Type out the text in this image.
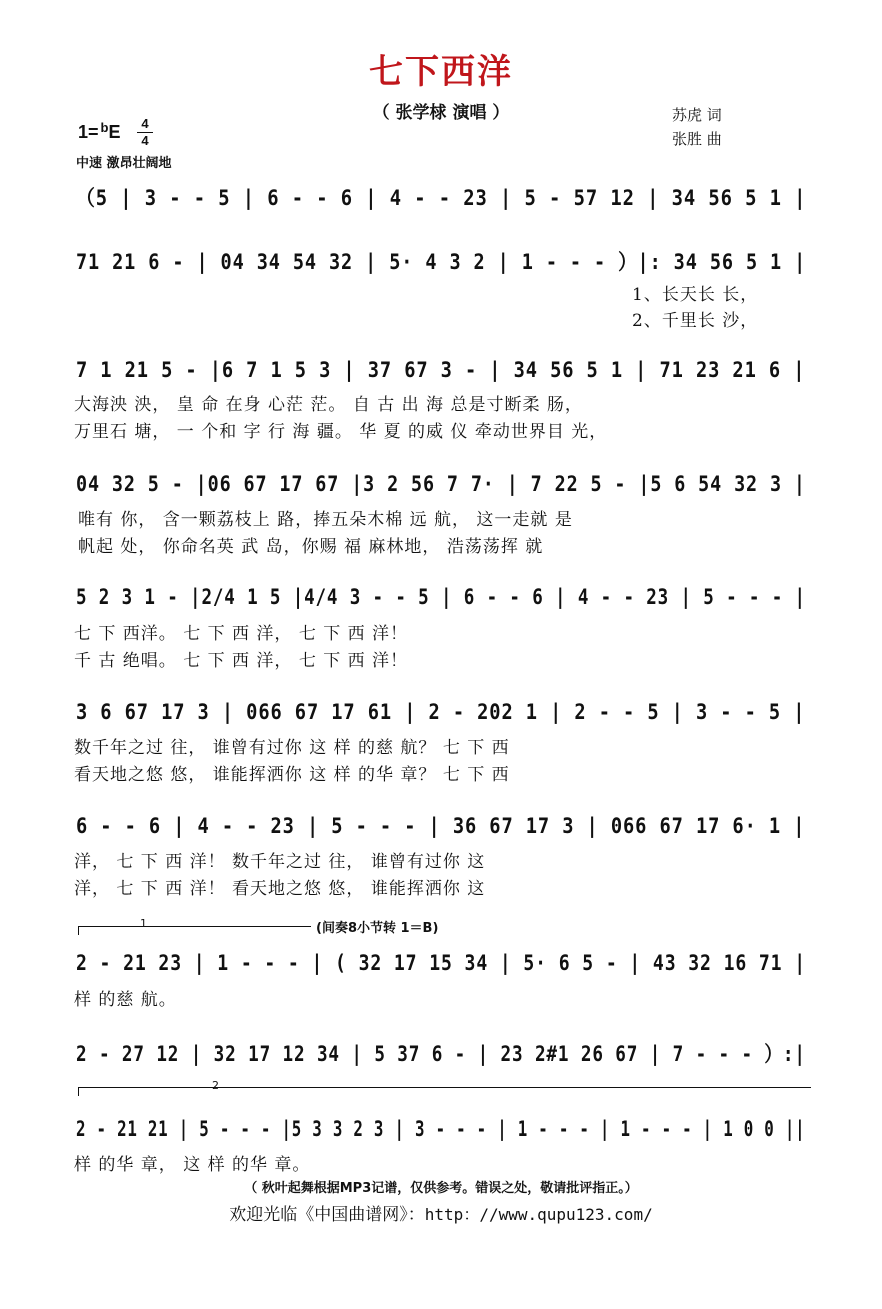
七下西洋
（ 张学梂 演唱 ）
1= $^b$E	4
4
中速 激昂壮阔地
苏虎 词
张胜 曲
（5 | 3 - - 5 | 6 - - 6 | 4 - - 23 | 5 - 57 12 | 34 56 5 1 |
71 21 6 - | 04 34 54 32 | 5· 4 3 2 | 1 - - - ）|: 34 56 5 1 |
1、长天长 长，
2、千里长 沙，
7 1 21 5 - |6 7 1 5 3 | 37 67 3 - | 34 56 5 1 | 71 23 21 6 |
大海泱 泱， 皇 命 在身 心茫 茫。 自 古 出 海 总是寸断柔 肠，
万里石 塘， 一 个和 字 行 海 疆。 华 夏 的威 仪 牵动世界目 光，
04 32 5 - |06 67 17 67 |3 2 56 7 7· | 7 22 5 - |5 6 54 32 3 |
唯有 你， 含一颗荔枝上 路，捧五朵木棉 远 航， 这一走就 是
帆起 处， 你命名英 武 岛，你赐 福 麻林地， 浩荡荡挥 就
5 2 3 1 - |2/4 1 5 |4/4 3 - - 5 | 6 - - 6 | 4 - - 23 | 5 - - - |
七 下 西洋。 七 下 西 洋， 七 下 西 洋！
千 古 绝唱。 七 下 西 洋， 七 下 西 洋！
3 6 67 17 3 | 066 67 17 61 | 2 - 202 1 | 2 - - 5 | 3 - - 5 |
数千年之过 往， 谁曾有过你 这 样 的慈 航？ 七 下 西
看天地之悠 悠， 谁能挥洒你 这 样 的华 章？ 七 下 西
6 - - 6 | 4 - - 23 | 5 - - - | 36 67 17 3 | 066 67 17 6· 1 |
洋， 七 下 西 洋！ 数千年之过 往， 谁曾有过你 这
洋， 七 下 西 洋！ 看天地之悠 悠， 谁能挥洒你 这
1	(间奏8小节转 1＝B)
2 - 21 23 | 1 - - - | ( 32 17 15 34 | 5· 6 5 - | 43 32 16 71 |
样 的慈 航。
2 - 27 12 | 32 17 12 34 | 5 37 6 - | 23 2#1 26 67 | 7 - - - ）:|
2
2 - 21 21 | 5 - - - |5 3 3 2 3 | 3 - - - | 1 - - - | 1 - - - | 1 0 0 ||
样 的华 章， 这 样 的华 章。
（ 秋叶起舞根据MP3记谱，仅供参考。错误之处，敬请批评指正。）
欢迎光临《中国曲谱网》：http：//www.qupu123.com/
